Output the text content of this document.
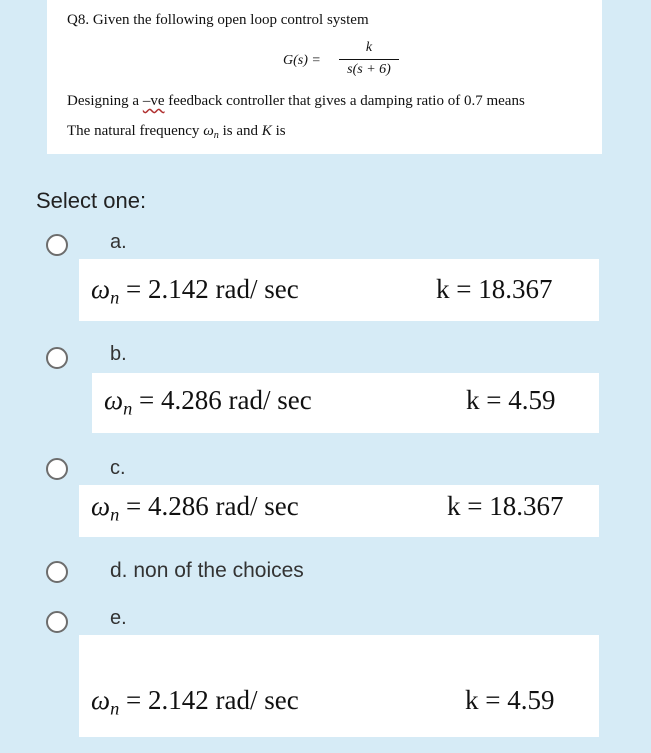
Q8. Given the following open loop control system
G(s) =
k
s(s + 6)
Designing a –ve feedback controller that gives a damping ratio of 0.7 means
The natural frequency $\omega_n$ is and K is
Select one:
a.
$\omega_n = 2.142$ rad/ sec	k = 18.367
b.
$\omega_n = 4.286$ rad/ sec	k = 4.59
c.
$\omega_n = 4.286$ rad/ sec	k = 18.367
d. non of the choices
e.
$\omega_n = 2.142$ rad/ sec	k = 4.59
